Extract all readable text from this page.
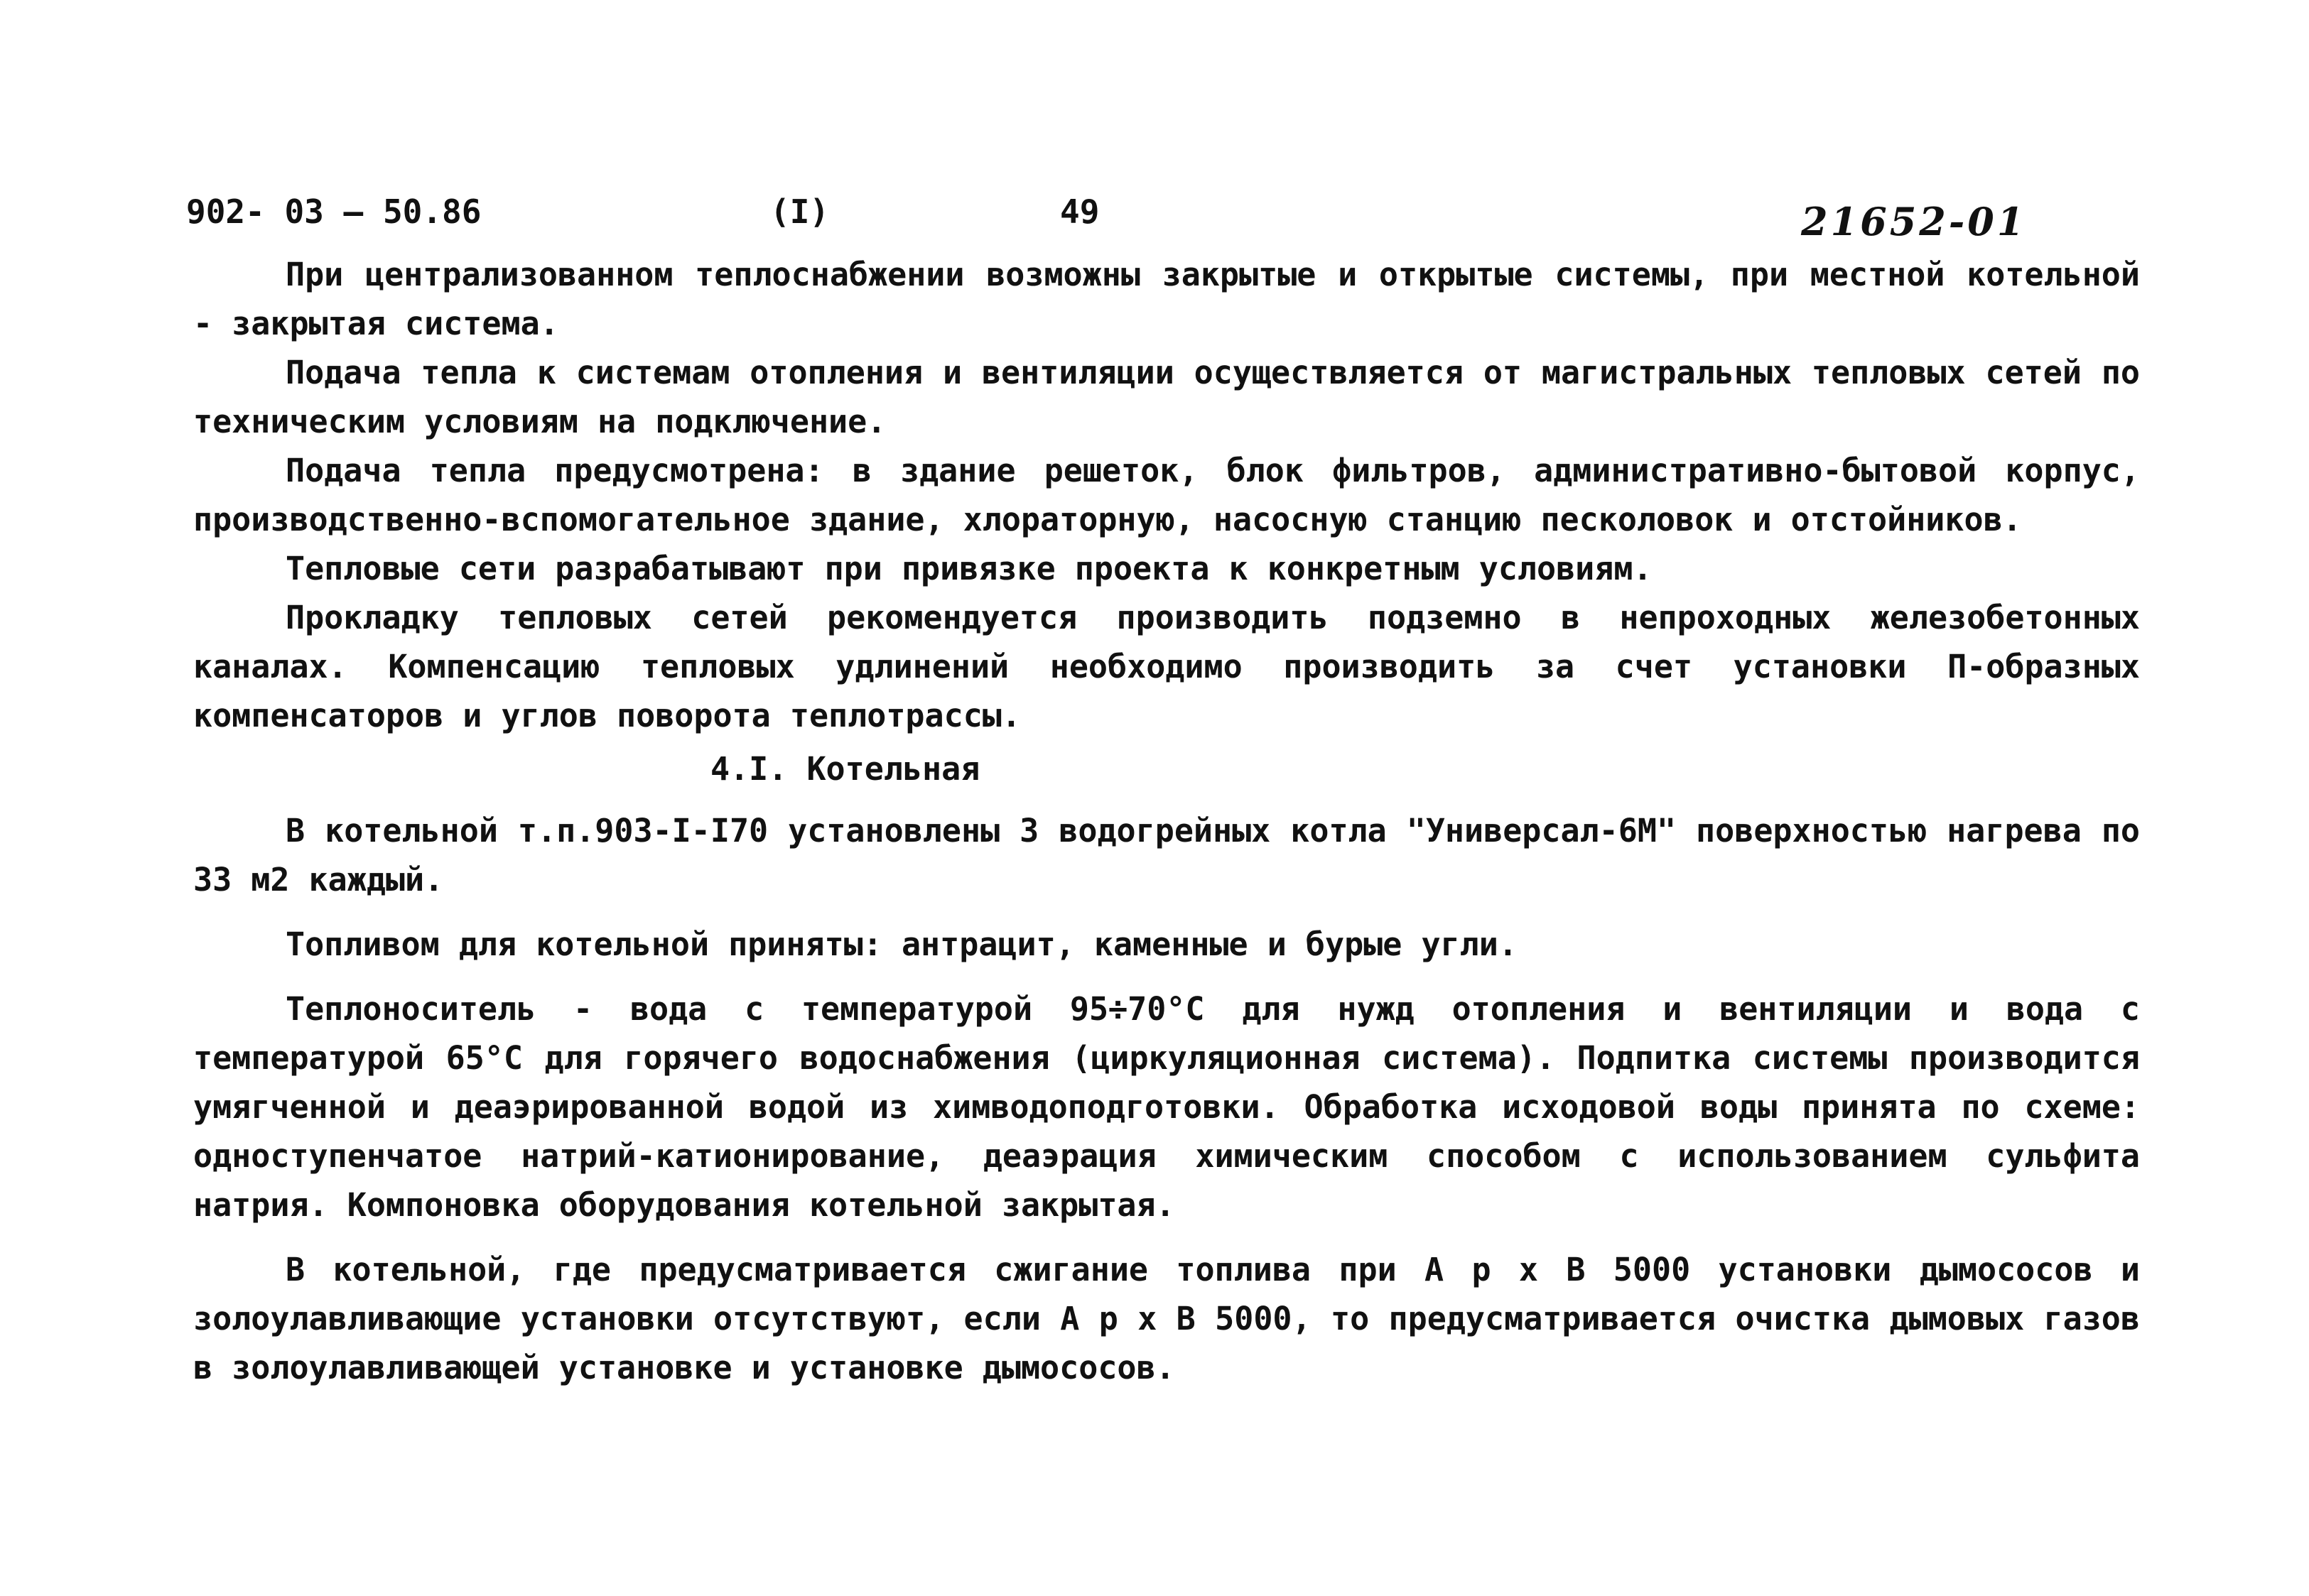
902- 03 — 50.86	(I)	49	21652-01

При централизованном теплоснабжении возможны закрытые и открытые системы, при местной котельной - закрытая система.

Подача тепла к системам отопления и вентиляции осуществляется от магистральных тепловых сетей по техническим условиям на подключение.

Подача тепла предусмотрена: в здание решеток, блок фильтров, административно-бытовой корпус, производственно-вспомогательное здание, хлораторную, насосную станцию песколовок и отстойников.

Тепловые сети разрабатывают при привязке проекта к конкретным условиям.

Прокладку тепловых сетей рекомендуется производить подземно в непроходных железобетонных каналах. Компенсацию тепловых удлинений необходимо производить за счет установки П-образных компенсаторов и углов поворота теплотрассы.

4.I. Котельная

В котельной т.п.903-I-I70 установлены 3 водогрейных котла "Универсал-6М" поверхностью нагрева по 33 м2 каждый.

Топливом для котельной приняты: антрацит, каменные и бурые угли.

Теплоноситель - вода с температурой 95÷70°С для нужд отопления и вентиляции и вода с температурой 65°С для горячего водоснабжения (циркуляционная система). Подпитка системы производится умягченной и деаэрированной водой из химводоподготовки. Обработка исходовой воды принята по схеме: одноступенчатое натрий-катионирование, деаэрация химическим способом с использованием сульфита натрия. Компоновка оборудования котельной закрытая.

В котельной, где предусматривается сжигание топлива при А р х В 5000 установки дымососов и золоулавливающие установки отсутствуют, если А р х В 5000, то предусматривается очистка дымовых газов в золоулавливающей установке и установке дымососов.
